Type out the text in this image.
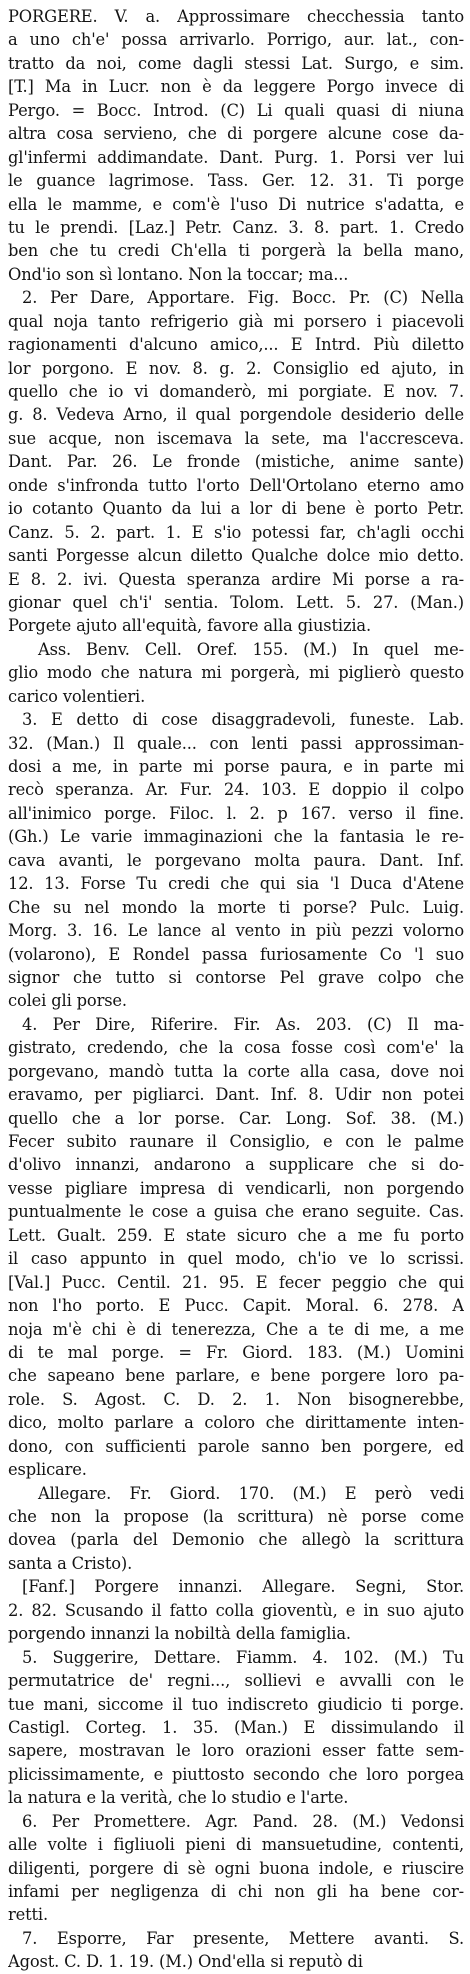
PORGERE. V. a. Approssimare checchessia tanto
a uno ch'e' possa arrivarlo. Porrigo, aur. lat., con-
tratto da noi, come dagli stessi Lat. Surgo, e sim.
[T.] Ma in Lucr. non è da leggere Porgo invece di
Pergo. = Bocc. Introd. (C) Li quali quasi di niuna
altra cosa servieno, che di porgere alcune cose da-
gl'infermi addimandate. Dant. Purg. 1. Porsi ver lui
le guance lagrimose. Tass. Ger. 12. 31. Ti porge
ella le mamme, e com'è l'uso Di nutrice s'adatta, e
tu le prendi. [Laz.] Petr. Canz. 3. 8. part. 1. Credo
ben che tu credi Ch'ella ti porgerà la bella mano,
Ond'io son sì lontano. Non la toccar; ma...
2. Per Dare, Apportare. Fig. Bocc. Pr. (C) Nella
qual noja tanto refrigerio già mi porsero i piacevoli
ragionamenti d'alcuno amico,... E Intrd. Più diletto
lor porgono. E nov. 8. g. 2. Consiglio ed ajuto, in
quello che io vi domanderò, mi porgiate. E nov. 7.
g. 8. Vedeva Arno, il qual porgendole desiderio delle
sue acque, non iscemava la sete, ma l'accresceva.
Dant. Par. 26. Le fronde (mistiche, anime sante)
onde s'infronda tutto l'orto Dell'Ortolano eterno amo
io cotanto Quanto da lui a lor di bene è porto Petr.
Canz. 5. 2. part. 1. E s'io potessi far, ch'agli occhi
santi Porgesse alcun diletto Qualche dolce mio detto.
E 8. 2. ivi. Questa speranza ardire Mi porse a ra-
gionar quel ch'i' sentia. Tolom. Lett. 5. 27. (Man.)
Porgete ajuto all'equità, favore alla giustizia.
Ass. Benv. Cell. Oref. 155. (M.) In quel me-
glio modo che natura mi porgerà, mi piglierò questo
carico volentieri.
3. E detto di cose disaggradevoli, funeste. Lab.
32. (Man.) Il quale... con lenti passi approssiman-
dosi a me, in parte mi porse paura, e in parte mi
recò speranza. Ar. Fur. 24. 103. E doppio il colpo
all'inimico porge. Filoc. l. 2. p 167. verso il fine.
(Gh.) Le varie immaginazioni che la fantasia le re-
cava avanti, le porgevano molta paura. Dant. Inf.
12. 13. Forse Tu credi che qui sia 'l Duca d'Atene
Che su nel mondo la morte ti porse? Pulc. Luig.
Morg. 3. 16. Le lance al vento in più pezzi volorno
(volarono), E Rondel passa furiosamente Co 'l suo
signor che tutto si contorse Pel grave colpo che
colei gli porse.
4. Per Dire, Riferire. Fir. As. 203. (C) Il ma-
gistrato, credendo, che la cosa fosse così com'e' la
porgevano, mandò tutta la corte alla casa, dove noi
eravamo, per pigliarci. Dant. Inf. 8. Udir non potei
quello che a lor porse. Car. Long. Sof. 38. (M.)
Fecer subito raunare il Consiglio, e con le palme
d'olivo innanzi, andarono a supplicare che si do-
vesse pigliare impresa di vendicarli, non porgendo
puntualmente le cose a guisa che erano seguite. Cas.
Lett. Gualt. 259. E state sicuro che a me fu porto
il caso appunto in quel modo, ch'io ve lo scrissi.
[Val.] Pucc. Centil. 21. 95. E fecer peggio che qui
non l'ho porto. E Pucc. Capit. Moral. 6. 278. A
noja m'è chi è di tenerezza, Che a te di me, a me
di te mal porge. = Fr. Giord. 183. (M.) Uomini
che sapeano bene parlare, e bene porgere loro pa-
role. S. Agost. C. D. 2. 1. Non bisognerebbe,
dico, molto parlare a coloro che dirittamente inten-
dono, con sufficienti parole sanno ben porgere, ed
esplicare.
Allegare. Fr. Giord. 170. (M.) E però vedi
che non la propose (la scrittura) nè porse come
dovea (parla del Demonio che allegò la scrittura
santa a Cristo).
[Fanf.] Porgere innanzi. Allegare. Segni, Stor.
2. 82. Scusando il fatto colla gioventù, e in suo ajuto
porgendo innanzi la nobiltà della famiglia.
5. Suggerire, Dettare. Fiamm. 4. 102. (M.) Tu
permutatrice de' regni..., sollievi e avvalli con le
tue mani, siccome il tuo indiscreto giudicio ti porge.
Castigl. Corteg. 1. 35. (Man.) E dissimulando il
sapere, mostravan le loro orazioni esser fatte sem-
plicissimamente, e piuttosto secondo che loro porgea
la natura e la verità, che lo studio e l'arte.
6. Per Promettere. Agr. Pand. 28. (M.) Vedonsi
alle volte i figliuoli pieni di mansuetudine, contenti,
diligenti, porgere di sè ogni buona indole, e riuscire
infami per negligenza di chi non gli ha bene cor-
retti.
7. Esporre, Far presente, Mettere avanti. S.
Agost. C. D. 1. 19. (M.) Ond'ella si reputò di
